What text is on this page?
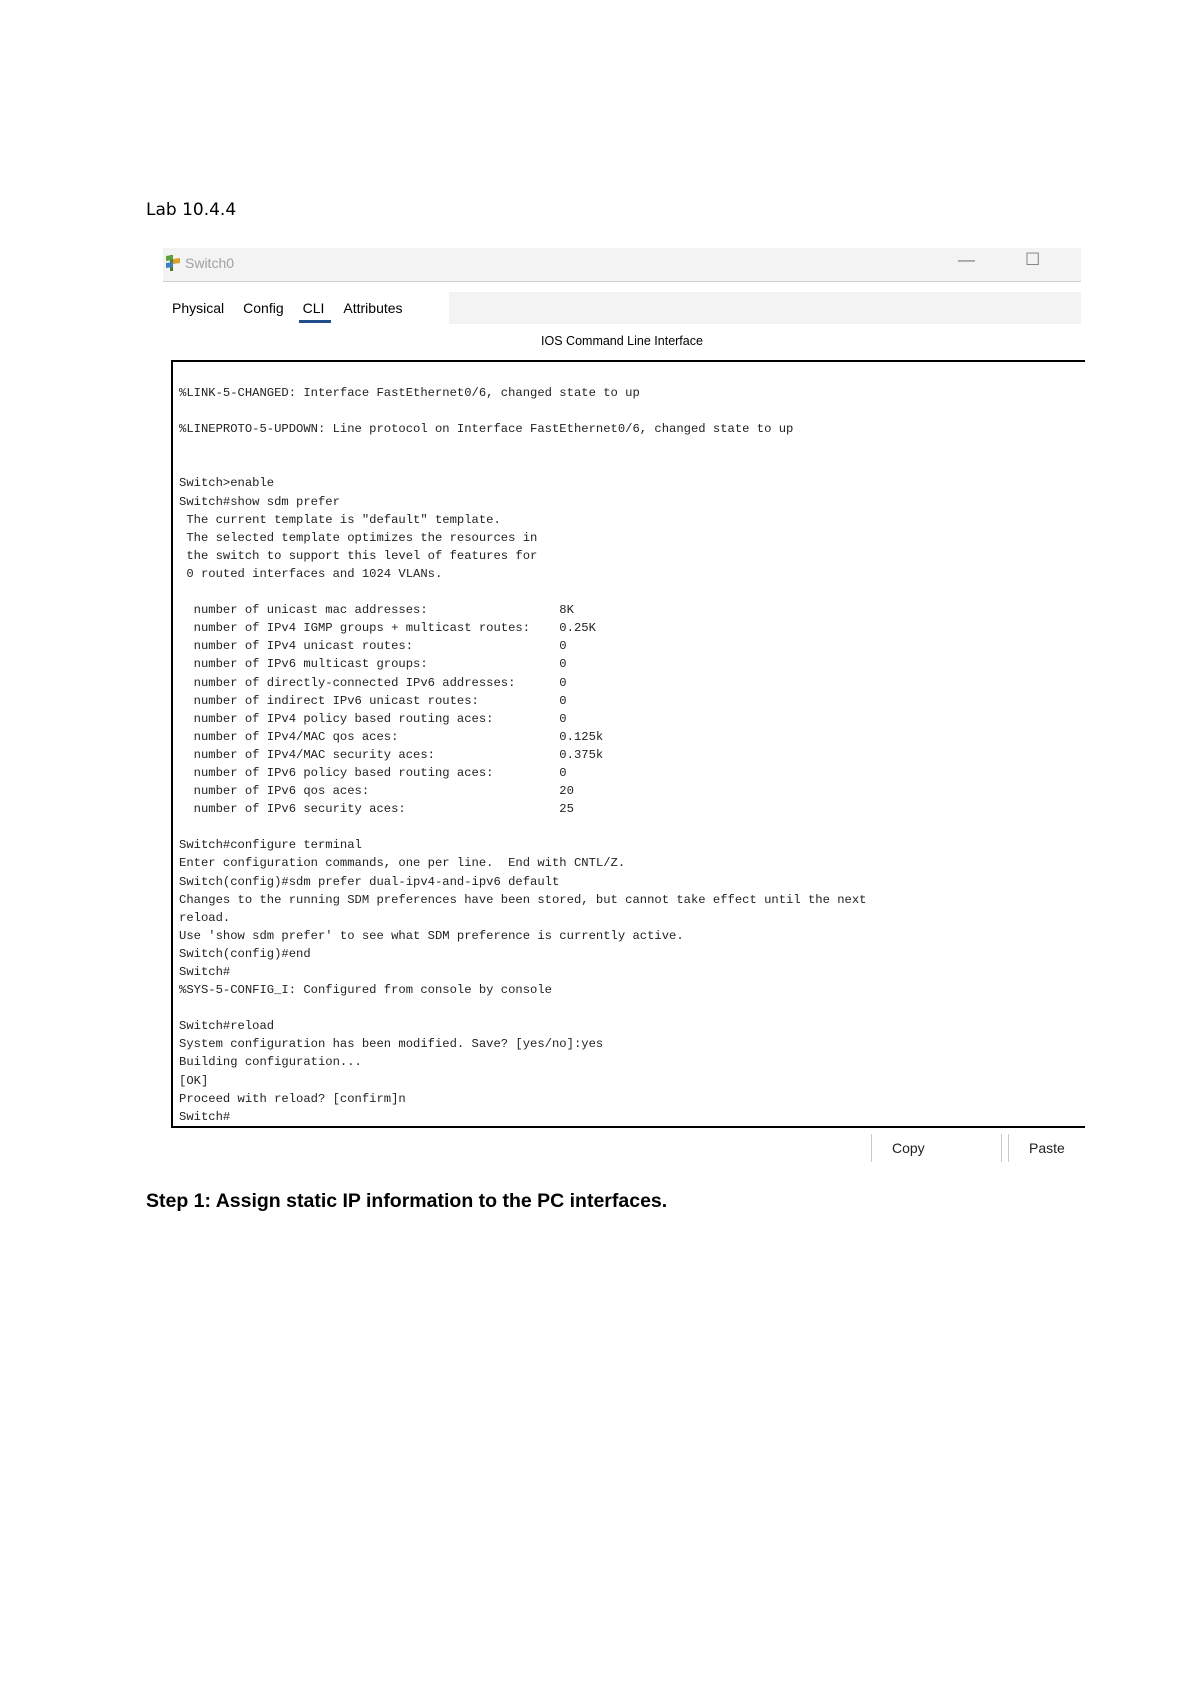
Lab 10.4.4
Switch0	—	☐
Physical	Config	CLI	Attributes
IOS Command Line Interface
%LINK-5-CHANGED: Interface FastEthernet0/6, changed state to up

%LINEPROTO-5-UPDOWN: Line protocol on Interface FastEthernet0/6, changed state to up

Switch>enable
Switch#show sdm prefer
The current template is "default" template.
The selected template optimizes the resources in
the switch to support this level of features for
0 routed interfaces and 1024 VLANs.

number of unicast mac addresses:                  8K
number of IPv4 IGMP groups + multicast routes:    0.25K
number of IPv4 unicast routes:                    0
number of IPv6 multicast groups:                  0
number of directly-connected IPv6 addresses:      0
number of indirect IPv6 unicast routes:           0
number of IPv4 policy based routing aces:         0
number of IPv4/MAC qos aces:                      0.125k
number of IPv4/MAC security aces:                 0.375k
number of IPv6 policy based routing aces:         0
number of IPv6 qos aces:                          20
number of IPv6 security aces:                     25

Switch#configure terminal
Enter configuration commands, one per line.  End with CNTL/Z.
Switch(config)#sdm prefer dual-ipv4-and-ipv6 default
Changes to the running SDM preferences have been stored, but cannot take effect until the next
reload.
Use 'show sdm prefer' to see what SDM preference is currently active.
Switch(config)#end
Switch#
%SYS-5-CONFIG_I: Configured from console by console

Switch#reload
System configuration has been modified. Save? [yes/no]:yes
Building configuration...
[OK]
Proceed with reload? [confirm]n
Switch#
Copy	Paste
Step 1: Assign static IP information to the PC interfaces.
